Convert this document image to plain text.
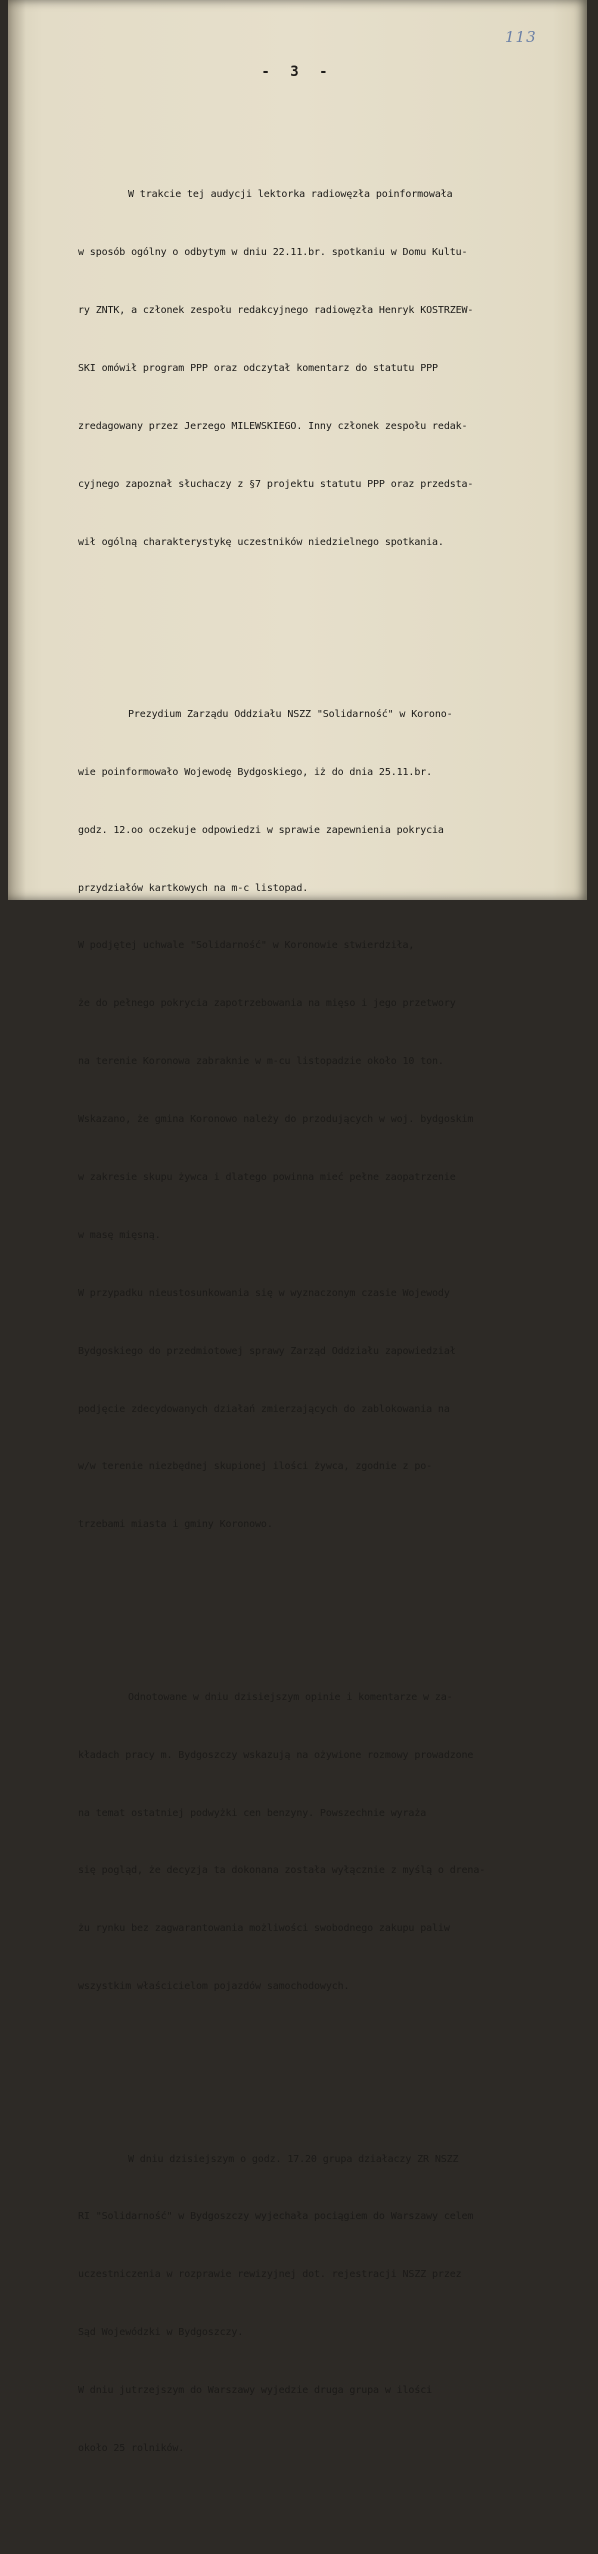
113
- 3 -

W trakcie tej audycji lektorka radiowęzła poinformowała

w sposób ogólny o odbytym w dniu 22.11.br. spotkaniu w Domu Kultu-

ry ZNTK, a członek zespołu redakcyjnego radiowęzła Henryk KOSTRZEW-

SKI omówił program PPP oraz odczytał komentarz do statutu PPP

zredagowany przez Jerzego MILEWSKIEGO. Inny członek zespołu redak-

cyjnego zapoznał słuchaczy z §7 projektu statutu PPP oraz przedsta-

wił ogólną charakterystykę uczestników niedzielnego spotkania.

Prezydium Zarządu Oddziału NSZZ "Solidarność" w Korono-

wie poinformowało Wojewodę Bydgoskiego, iż do dnia 25.11.br.

godz. 12.oo oczekuje odpowiedzi w sprawie zapewnienia pokrycia

przydziałów kartkowych na m-c listopad.

W podjętej uchwale "Solidarność" w Koronowie stwierdziła,

że do pełnego pokrycia zapotrzebowania na mięso i jego przetwory

na terenie Koronowa zabraknie w m-cu listopadzie około 10 ton.

Wskazano, że gmina Koronowo należy do przodujących w woj. bydgoskim

w zakresie skupu żywca i dlatego powinna mieć pełne zaopatrzenie

w masę mięsną.

W przypadku nieustosunkowania się w wyznaczonym czasie Wojewody

Bydgoskiego do przedmiotowej sprawy Zarząd Oddziału zapowiedział

podjęcie zdecydowanych działań zmierzających do zablokowania na

w/w terenie niezbędnej skupionej ilości żywca, zgodnie z po-

trzebami miasta i gminy Koronowo.

Odnotowane w dniu dzisiejszym opinie i komentarze w za-

kładach pracy m. Bydgoszczy wskazują na ożywione rozmowy prowadzone

na temat ostatniej podwyżki cen benzyny. Powszechnie wyraża

się pogląd, że decyzja ta dokonana została wyłącznie z myślą o drena-

żu rynku bez zagwarantowania możliwości swobodnego zakupu paliw

wszystkim właścicielom pojazdów samochodowych.

W dniu dzisiejszym o godz. 17.20 grupa działaczy ZR NSZZ

RI "Solidarność" w Bydgoszczy wyjechała pociągiem do Warszawy celem

uczestniczenia w rozprawie rewizyjnej dot. rejestracji NSZZ przez

Sąd Wojewódzki w Bydgoszczy.

W dniu jutrzejszym do Warszawy wyjedzie druga grupa w ilości

około 25 rolników.
